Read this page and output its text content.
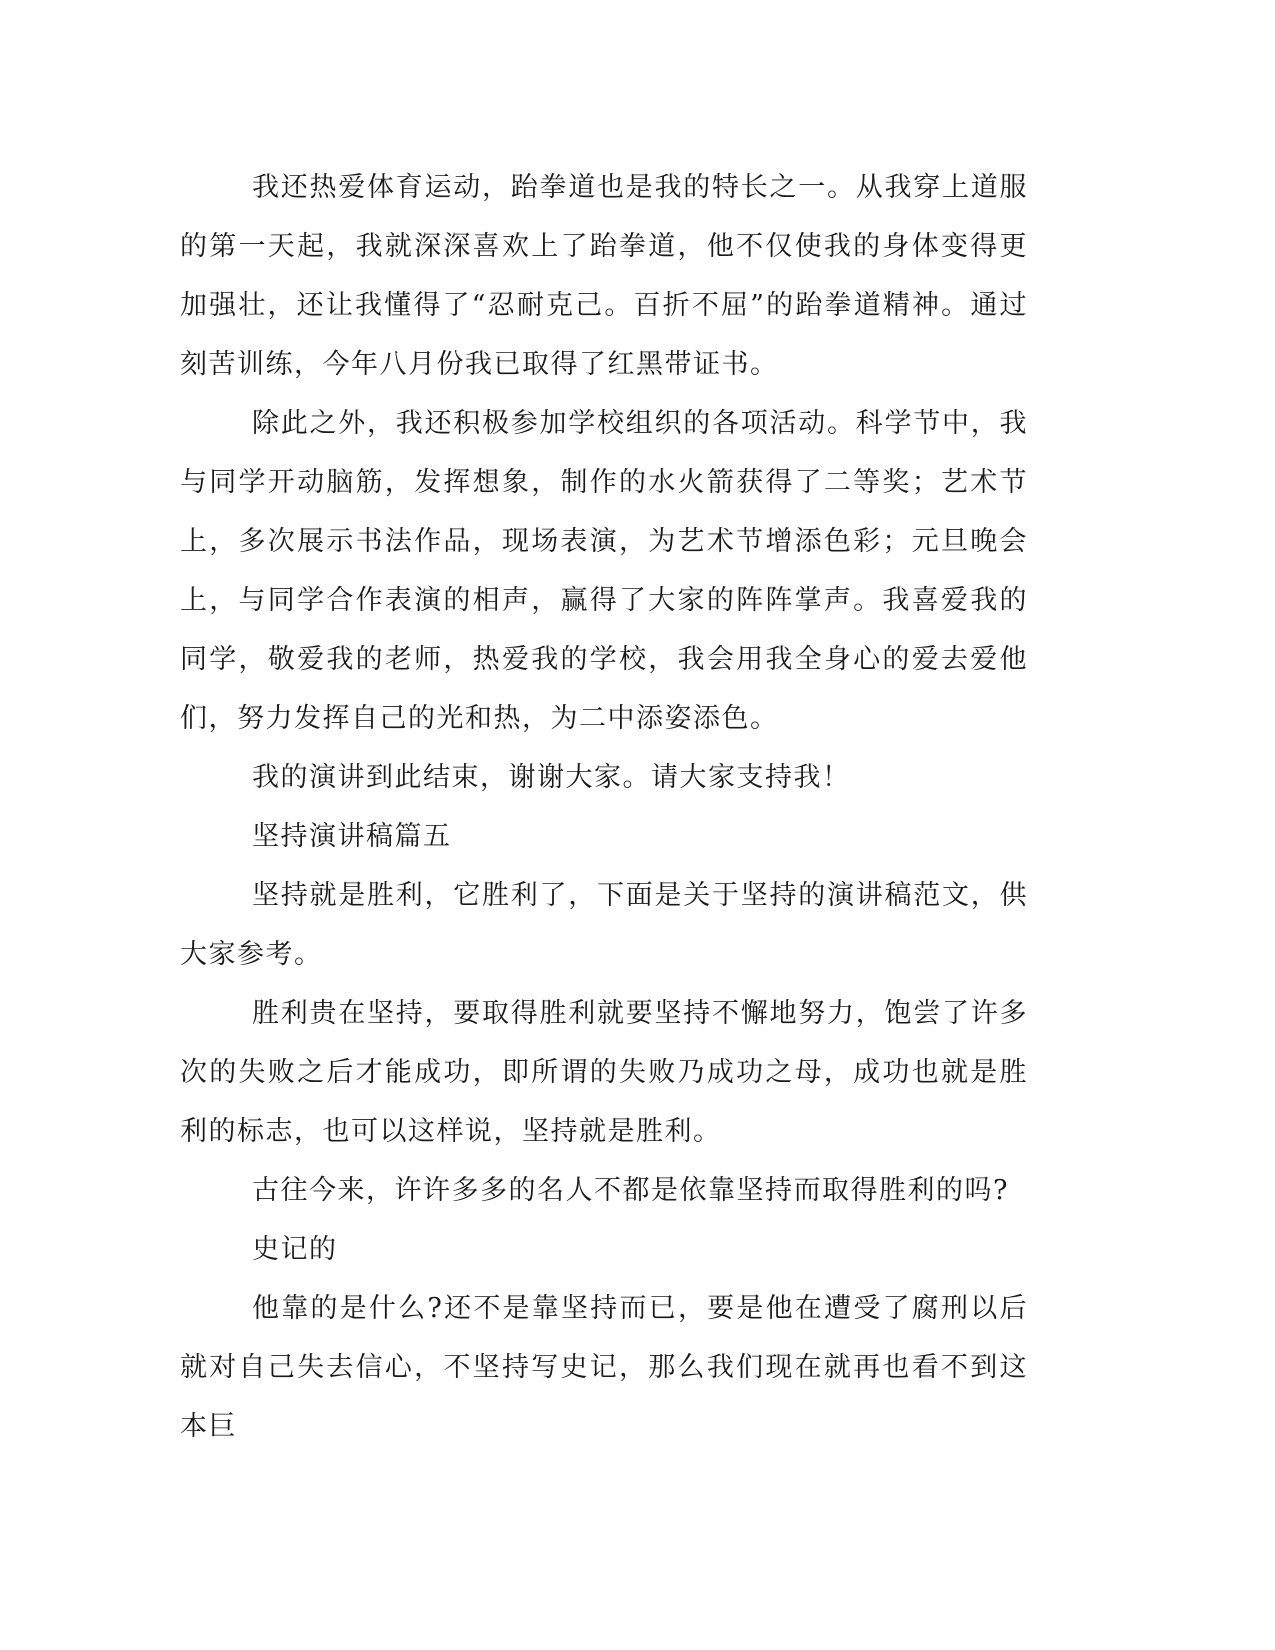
我还热爱体育运动，跆拳道也是我的特长之一。从我穿上道服的第一天起，我就深深喜欢上了跆拳道，他不仅使我的身体变得更加强壮，还让我懂得了“忍耐克己。百折不屈”的跆拳道精神。通过刻苦训练，今年八月份我已取得了红黑带证书。

除此之外，我还积极参加学校组织的各项活动。科学节中，我与同学开动脑筋，发挥想象，制作的水火箭获得了二等奖；艺术节上，多次展示书法作品，现场表演，为艺术节增添色彩；元旦晚会上，与同学合作表演的相声，赢得了大家的阵阵掌声。我喜爱我的同学，敬爱我的老师，热爱我的学校，我会用我全身心的爱去爱他们，努力发挥自己的光和热，为二中添姿添色。

我的演讲到此结束，谢谢大家。请大家支持我！

坚持演讲稿篇五

坚持就是胜利，它胜利了，下面是关于坚持的演讲稿范文，供大家参考。

胜利贵在坚持，要取得胜利就要坚持不懈地努力，饱尝了许多次的失败之后才能成功，即所谓的失败乃成功之母，成功也就是胜利的标志，也可以这样说，坚持就是胜利。

古往今来，许许多多的名人不都是依靠坚持而取得胜利的吗?

史记的

他靠的是什么?还不是靠坚持而已，要是他在遭受了腐刑以后就对自己失去信心，不坚持写史记，那么我们现在就再也看不到这本巨
